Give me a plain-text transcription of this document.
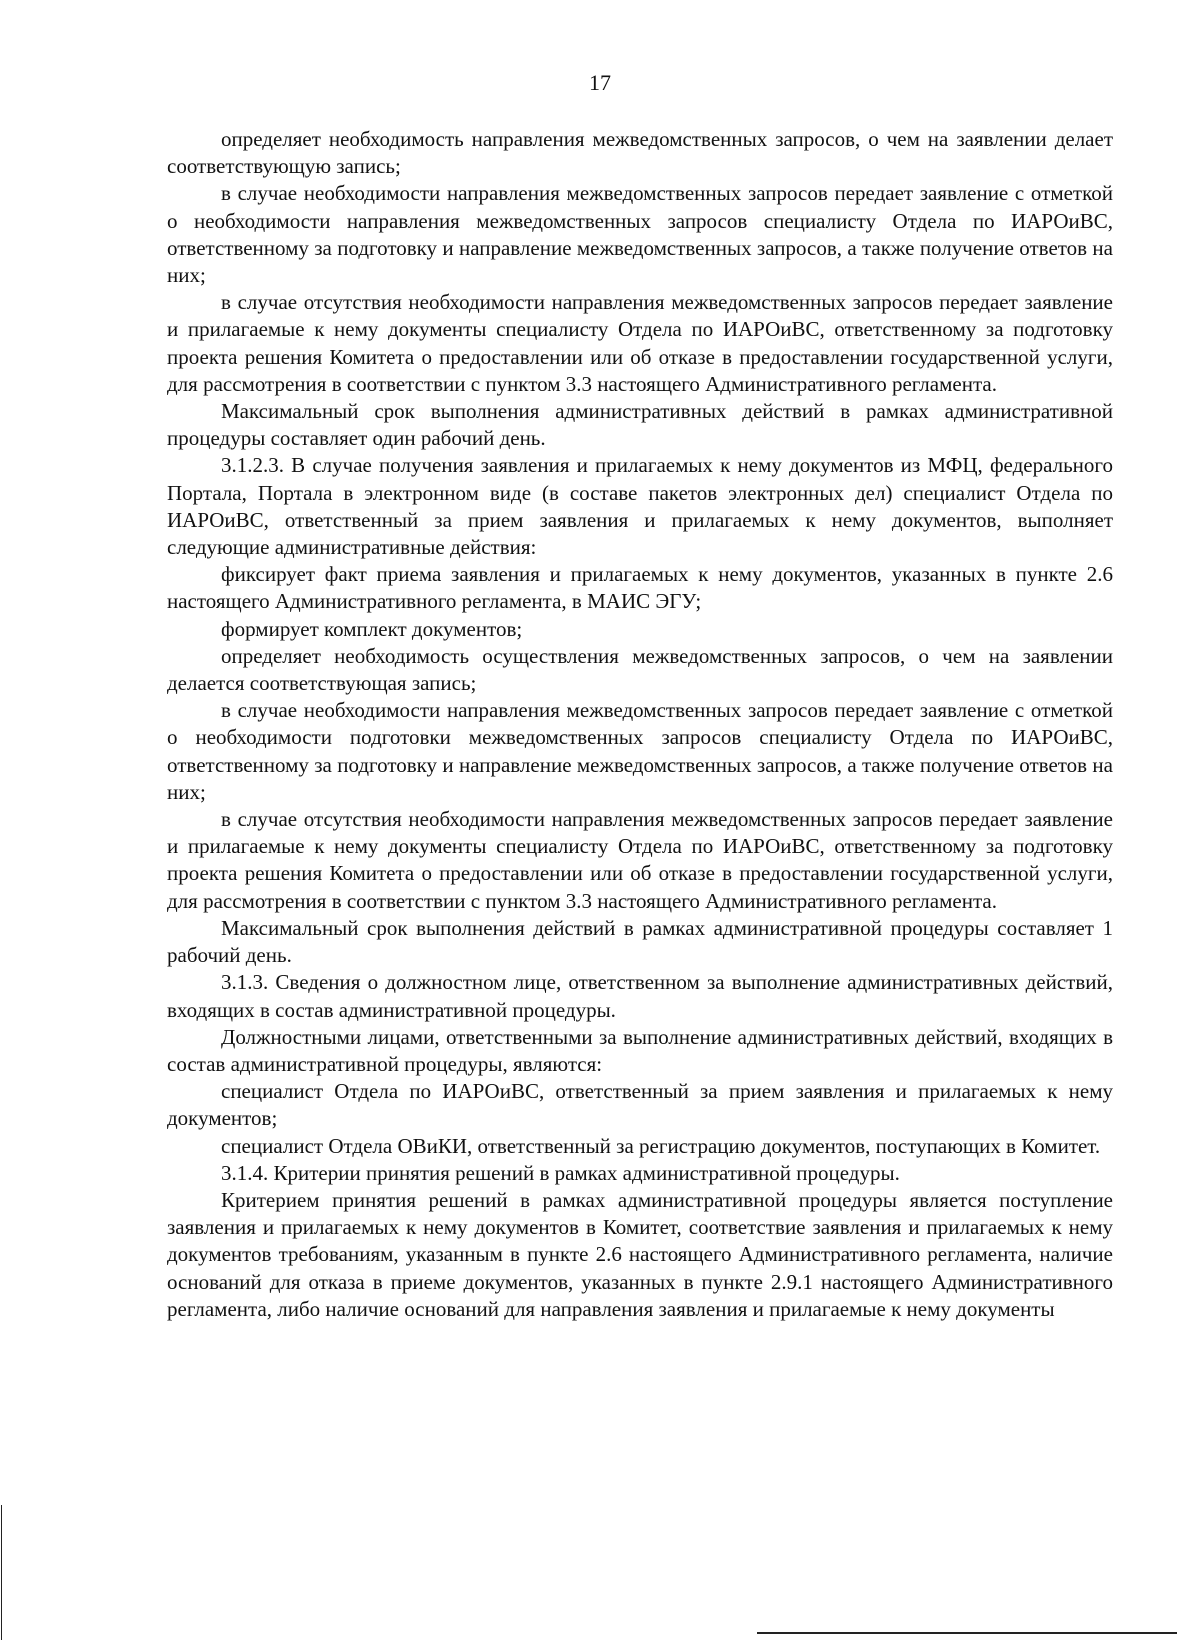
17

определяет необходимость направления межведомственных запросов, о чем на заявлении делает соответствующую запись;

в случае необходимости направления межведомственных запросов передает заявление с отметкой о необходимости направления межведомственных запросов специалисту Отдела по ИАРОиВС, ответственному за подготовку и направление межведомственных запросов, а также получение ответов на них;

в случае отсутствия необходимости направления межведомственных запросов передает заявление и прилагаемые к нему документы специалисту Отдела по ИАРОиВС, ответственному за подготовку проекта решения Комитета о предоставлении или об отказе в предоставлении государственной услуги, для рассмотрения в соответствии с пунктом 3.3 настоящего Административного регламента.

Максимальный срок выполнения административных действий в рамках административной процедуры составляет один рабочий день.

3.1.2.3. В случае получения заявления и прилагаемых к нему документов из МФЦ, федерального Портала, Портала в электронном виде (в составе пакетов электронных дел) специалист Отдела по ИАРОиВС, ответственный за прием заявления и прилагаемых к нему документов, выполняет следующие административные действия:

фиксирует факт приема заявления и прилагаемых к нему документов, указанных в пункте 2.6 настоящего Административного регламента, в МАИС ЭГУ;

формирует комплект документов;

определяет необходимость осуществления межведомственных запросов, о чем на заявлении делается соответствующая запись;

в случае необходимости направления межведомственных запросов передает заявление с отметкой о необходимости подготовки межведомственных запросов специалисту Отдела по ИАРОиВС, ответственному за подготовку и направление межведомственных запросов, а также получение ответов на них;

в случае отсутствия необходимости направления межведомственных запросов передает заявление и прилагаемые к нему документы специалисту Отдела по ИАРОиВС, ответственному за подготовку проекта решения Комитета о предоставлении или об отказе в предоставлении государственной услуги, для рассмотрения в соответствии с пунктом 3.3 настоящего Административного регламента.

Максимальный срок выполнения действий в рамках административной процедуры составляет 1 рабочий день.

3.1.3. Сведения о должностном лице, ответственном за выполнение административных действий, входящих в состав административной процедуры.

Должностными лицами, ответственными за выполнение административных действий, входящих в состав административной процедуры, являются:

специалист Отдела по ИАРОиВС, ответственный за прием заявления и прилагаемых к нему документов;

специалист Отдела ОВиКИ, ответственный за регистрацию документов, поступающих в Комитет.

3.1.4. Критерии принятия решений в рамках административной процедуры.

Критерием принятия решений в рамках административной процедуры является поступление заявления и прилагаемых к нему документов в Комитет, соответствие заявления и прилагаемых к нему документов требованиям, указанным в пункте 2.6 настоящего Административного регламента, наличие оснований для отказа в приеме документов, указанных в пункте 2.9.1 настоящего Административного регламента, либо наличие оснований для направления заявления и прилагаемые к нему документы
